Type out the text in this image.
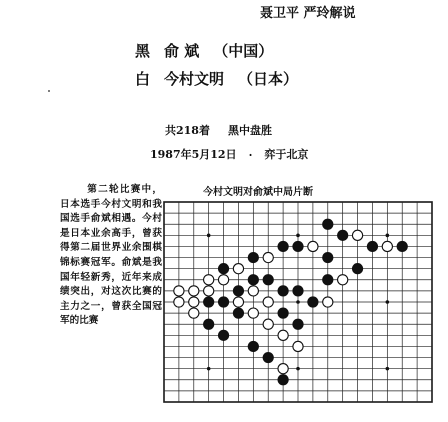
聂卫平 严玲解说
黑 俞 斌 （中国）
白 今村文明 （日本）
共218着 黑中盘胜
1987年5月12日 . 弈于北京
第二轮比赛中，日本选手今村文明和我国选手俞斌相遇。今村是日本业余高手，曾获得第二届世界业余围棋锦标赛冠军。俞斌是我国年轻新秀，近年来成绩突出，对这次比赛的主力之一，曾获全国冠军的比赛
今村文明对俞斌中局片断
